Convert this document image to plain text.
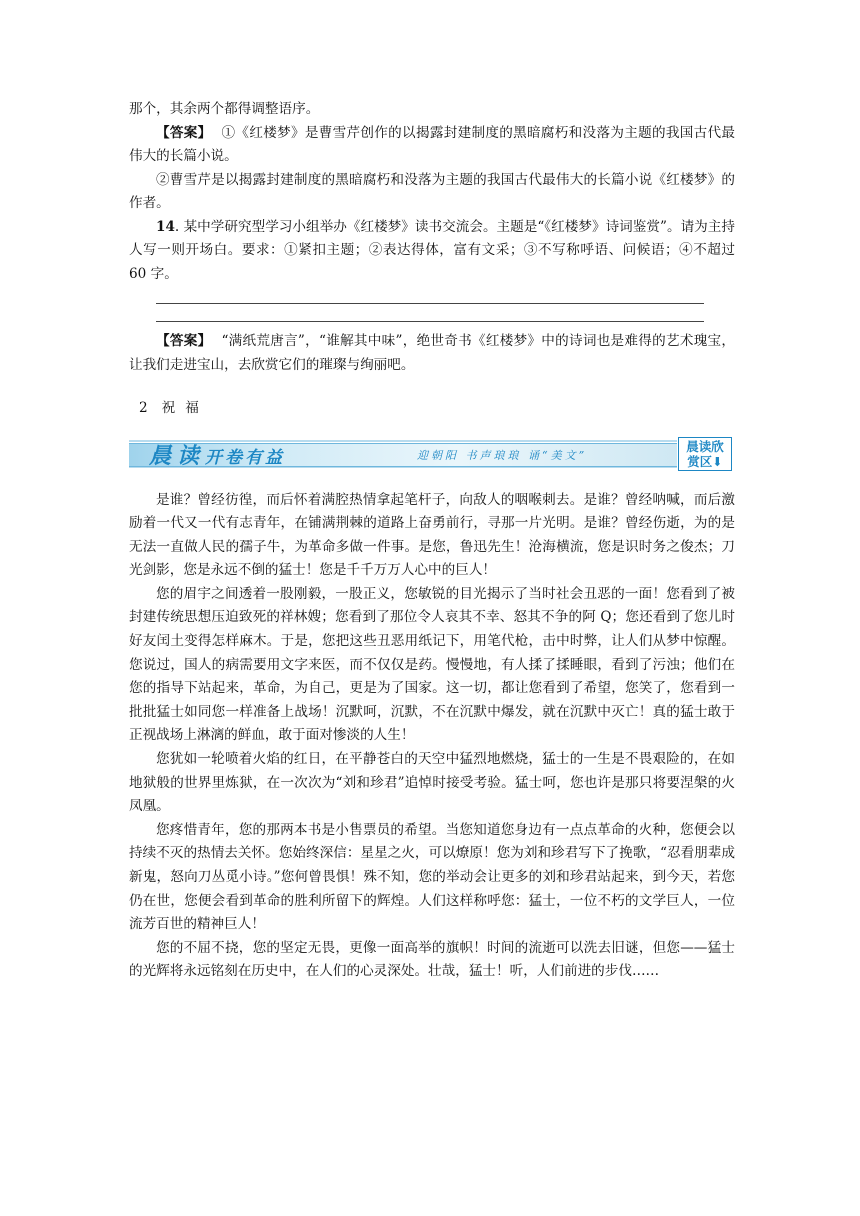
那个，其余两个都得调整语序。

【答案】 ①《红楼梦》是曹雪芹创作的以揭露封建制度的黑暗腐朽和没落为主题的我国古代最伟大的长篇小说。

②曹雪芹是以揭露封建制度的黑暗腐朽和没落为主题的我国古代最伟大的长篇小说《红楼梦》的作者。

14. 某中学研究型学习小组举办《红楼梦》读书交流会。主题是“《红楼梦》诗词鉴赏”。请为主持人写一则开场白。要求：①紧扣主题；②表达得体，富有文采；③不写称呼语、问候语；④不超过 60 字。

【答案】 “满纸荒唐言”，“谁解其中味”，绝世奇书《红楼梦》中的诗词也是难得的艺术瑰宝，让我们走进宝山，去欣赏它们的璀璨与绚丽吧。

2 祝福

晨读开卷有益	迎朝阳 书声琅琅 诵“美文”
晨读欣
赏区⬇

是谁？曾经彷徨，而后怀着满腔热情拿起笔杆子，向敌人的咽喉刺去。是谁？曾经呐喊，而后激励着一代又一代有志青年，在铺满荆棘的道路上奋勇前行，寻那一片光明。是谁？曾经伤逝，为的是无法一直做人民的孺子牛，为革命多做一件事。是您，鲁迅先生！沧海横流，您是识时务之俊杰；刀光剑影，您是永远不倒的猛士！您是千千万万人心中的巨人！

您的眉宇之间透着一股刚毅，一股正义，您敏锐的目光揭示了当时社会丑恶的一面！您看到了被封建传统思想压迫致死的祥林嫂；您看到了那位令人哀其不幸、怒其不争的阿 Q；您还看到了您儿时好友闰土变得怎样麻木。于是，您把这些丑恶用纸记下，用笔代枪，击中时弊，让人们从梦中惊醒。您说过，国人的病需要用文字来医，而不仅仅是药。慢慢地，有人揉了揉睡眼，看到了污浊；他们在您的指导下站起来，革命，为自己，更是为了国家。这一切，都让您看到了希望，您笑了，您看到一批批猛士如同您一样准备上战场！沉默呵，沉默，不在沉默中爆发，就在沉默中灭亡！真的猛士敢于正视战场上淋漓的鲜血，敢于面对惨淡的人生！

您犹如一轮喷着火焰的红日，在平静苍白的天空中猛烈地燃烧，猛士的一生是不畏艰险的，在如地狱般的世界里炼狱，在一次次为“刘和珍君”追悼时接受考验。猛士呵，您也许是那只将要涅槃的火凤凰。

您疼惜青年，您的那两本书是小售票员的希望。当您知道您身边有一点点革命的火种，您便会以持续不灭的热情去关怀。您始终深信：星星之火，可以燎原！您为刘和珍君写下了挽歌，“忍看朋辈成新鬼，怒向刀丛觅小诗。”您何曾畏惧！殊不知，您的举动会让更多的刘和珍君站起来，到今天，若您仍在世，您便会看到革命的胜利所留下的辉煌。人们这样称呼您：猛士，一位不朽的文学巨人，一位流芳百世的精神巨人！

您的不屈不挠，您的坚定无畏，更像一面高举的旗帜！时间的流逝可以洗去旧谜，但您——猛士的光辉将永远铭刻在历史中，在人们的心灵深处。壮哉，猛士！听，人们前进的步伐……
